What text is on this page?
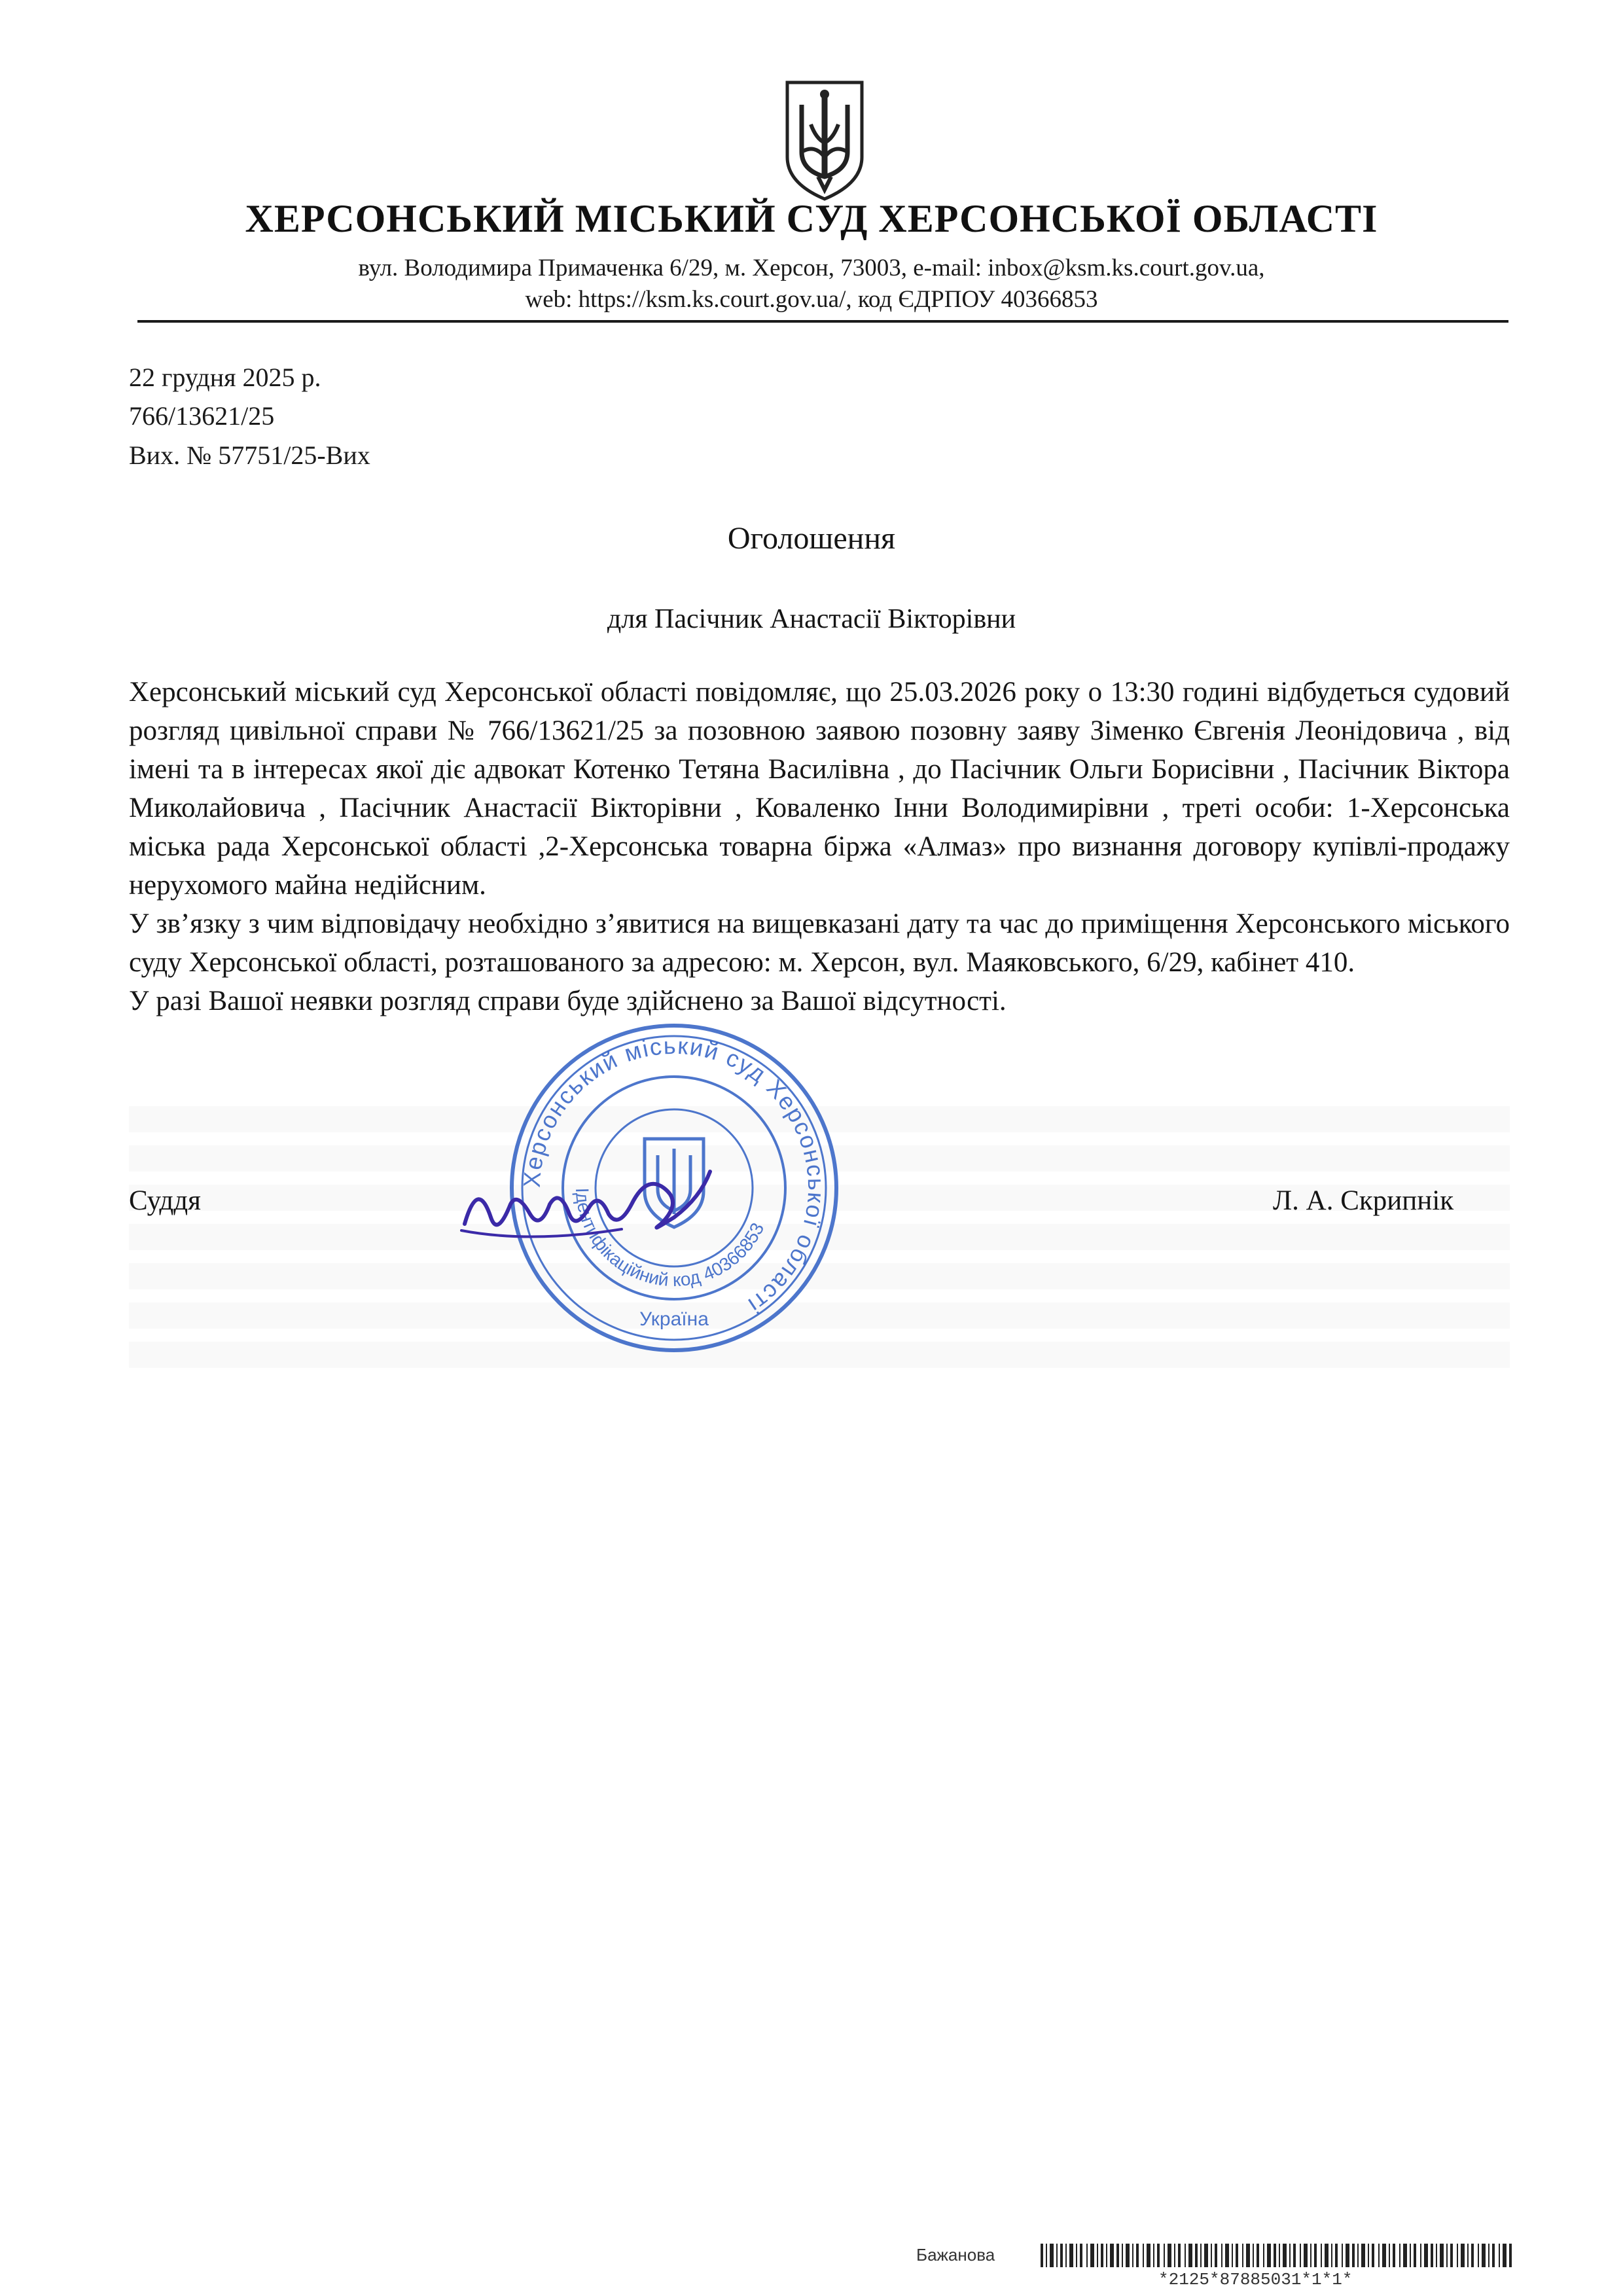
ХЕРСОНСЬКИЙ МІСЬКИЙ СУД ХЕРСОНСЬКОЇ ОБЛАСТІ
вул. Володимира Примаченка 6/29, м. Херсон, 73003, e-mail: inbox@ksm.ks.court.gov.ua,
web: https://ksm.ks.court.gov.ua/, код ЄДРПОУ 40366853
22 грудня 2025 р.
766/13621/25
Вих. № 57751/25-Вих
Оголошення
для Пасічник Анастасії Вікторівни

Херсонський міський суд Херсонської області повідомляє, що 25.03.2026 року о 13:30 годині відбудеться судовий розгляд цивільної справи № 766/13621/25 за позовною заявою позовну заяву Зіменко Євгенія Леонідовича , від імені та в інтересах якої діє адвокат Котенко Тетяна Василівна , до Пасічник Ольги Борисівни , Пасічник Віктора Миколайовича , Пасічник Анастасії Вікторівни , Коваленко Інни Володимирівни , треті особи: 1-Херсонська міська рада Херсонської області ,2-Херсонська товарна біржа «Алмаз» про визнання договору купівлі-продажу нерухомого майна недійсним.

У зв’язку з чим відповідачу необхідно з’явитися на вищевказані дату та час до приміщення Херсонського міського суду Херсонської області, розташованого за адресою: м. Херсон, вул. Маяковського, 6/29, кабінет 410.

У разі Вашої неявки розгляд справи буде здійснено за Вашої відсутності.

Суддя	Л. А. Скрипнік
Херсонський міський суд Херсонської області
Ідентифікаційний код 40366853
Україна
Бажанова
*2125*87885031*1*1*
